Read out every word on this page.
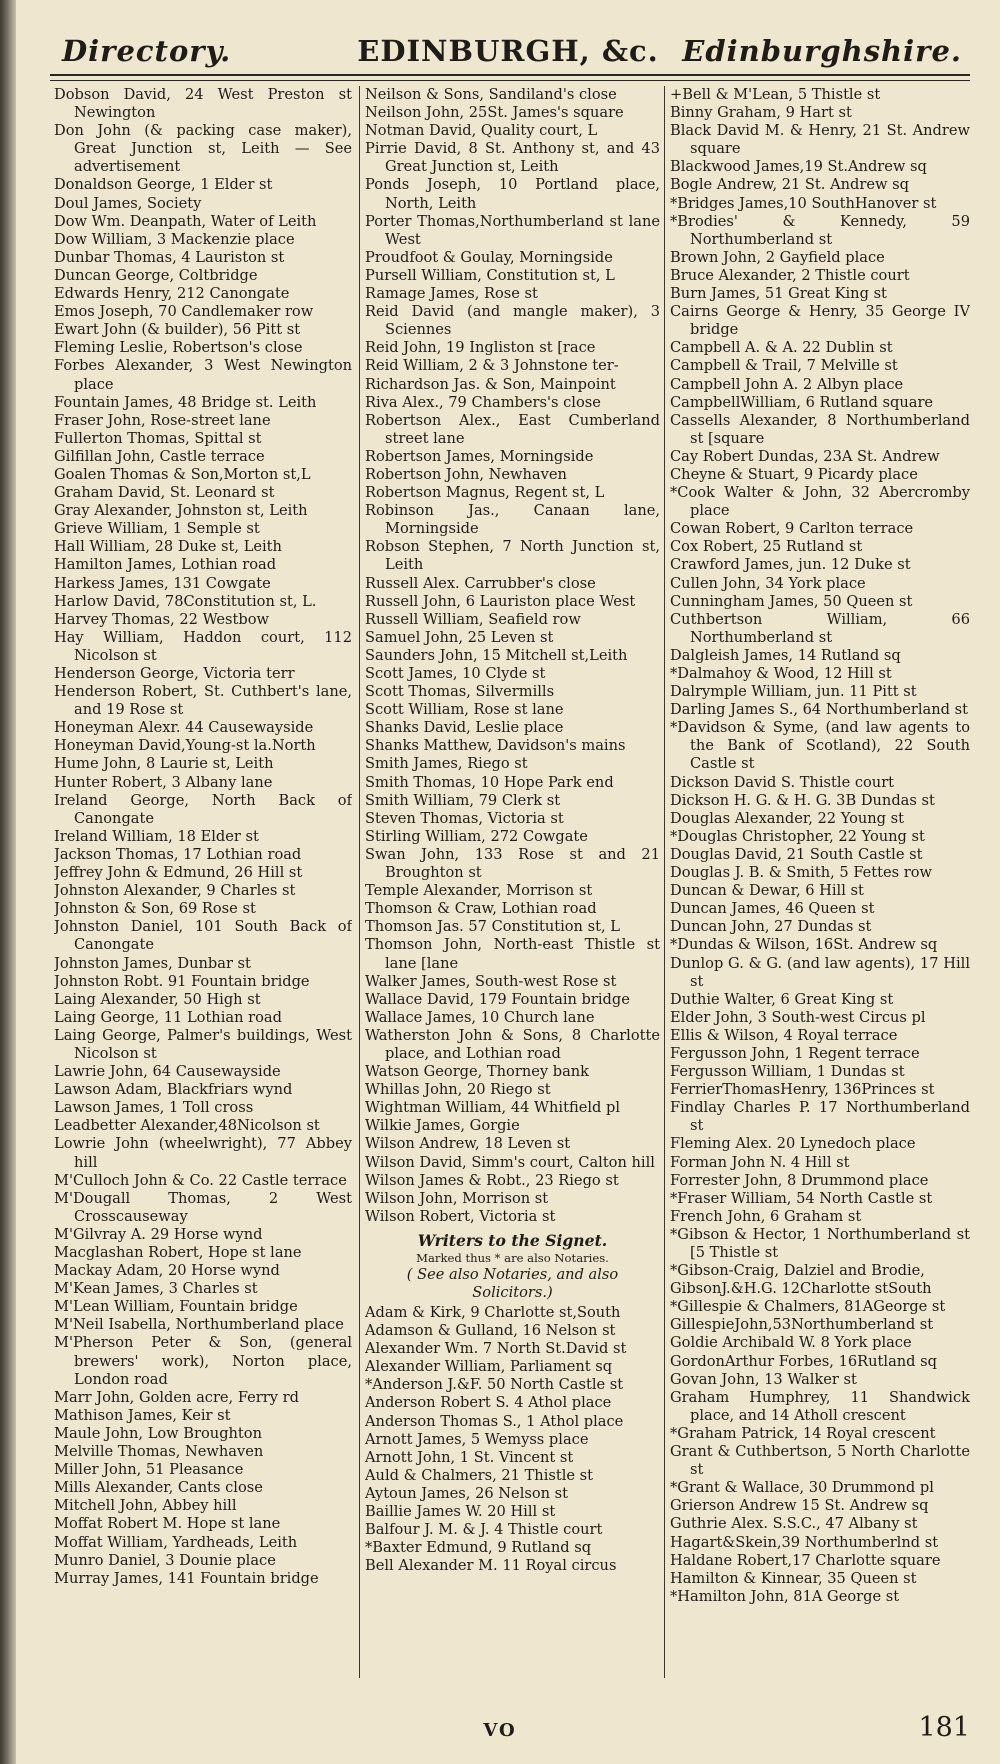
Directory.	EDINBURGH, &c. Edinburghshire.
Dobson David, 24 West Preston st Newington
Don John (& packing case maker), Great Junction st, Leith — See advertisement
Donaldson George, 1 Elder st
Doul James, Society
Dow Wm. Deanpath, Water of Leith
Dow William, 3 Mackenzie place
Dunbar Thomas, 4 Lauriston st
Duncan George, Coltbridge
Edwards Henry, 212 Canongate
Emos Joseph, 70 Candlemaker row
Ewart John (& builder), 56 Pitt st
Fleming Leslie, Robertson's close
Forbes Alexander, 3 West Newington place
Fountain James, 48 Bridge st. Leith
Fraser John, Rose-street lane
Fullerton Thomas, Spittal st
Gilfillan John, Castle terrace
Goalen Thomas & Son,Morton st,L
Graham David, St. Leonard st
Gray Alexander, Johnston st, Leith
Grieve William, 1 Semple st
Hall William, 28 Duke st, Leith
Hamilton James, Lothian road
Harkess James, 131 Cowgate
Harlow David, 78Constitution st, L.
Harvey Thomas, 22 Westbow
Hay William, Haddon court, 112 Nicolson st
Henderson George, Victoria terr
Henderson Robert, St. Cuthbert's lane, and 19 Rose st
Honeyman Alexr. 44 Causewayside
Honeyman David,Young-st la.North
Hume John, 8 Laurie st, Leith
Hunter Robert, 3 Albany lane
Ireland George, North Back of Canongate
Ireland William, 18 Elder st
Jackson Thomas, 17 Lothian road
Jeffrey John & Edmund, 26 Hill st
Johnston Alexander, 9 Charles st
Johnston & Son, 69 Rose st
Johnston Daniel, 101 South Back of Canongate
Johnston James, Dunbar st
Johnston Robt. 91 Fountain bridge
Laing Alexander, 50 High st
Laing George, 11 Lothian road
Laing George, Palmer's buildings, West Nicolson st
Lawrie John, 64 Causewayside
Lawson Adam, Blackfriars wynd
Lawson James, 1 Toll cross
Leadbetter Alexander,48Nicolson st
Lowrie John (wheelwright), 77 Abbey hill
M'Culloch John & Co. 22 Castle terrace
M'Dougall Thomas, 2 West Crosscauseway
M'Gilvray A. 29 Horse wynd
Macglashan Robert, Hope st lane
Mackay Adam, 20 Horse wynd
M'Kean James, 3 Charles st
M'Lean William, Fountain bridge
M'Neil Isabella, Northumberland place
M'Pherson Peter & Son, (general brewers' work), Norton place, London road
Marr John, Golden acre, Ferry rd
Mathison James, Keir st
Maule John, Low Broughton
Melville Thomas, Newhaven
Miller John, 51 Pleasance
Mills Alexander, Cants close
Mitchell John, Abbey hill
Moffat Robert M. Hope st lane
Moffat William, Yardheads, Leith
Munro Daniel, 3 Dounie place
Murray James, 141 Fountain bridge
Neilson & Sons, Sandiland's close
Neilson John, 25St. James's square
Notman David, Quality court, L
Pirrie David, 8 St. Anthony st, and 43 Great Junction st, Leith
Ponds Joseph, 10 Portland place, North, Leith
Porter Thomas,Northumberland st lane West
Proudfoot & Goulay, Morningside
Pursell William, Constitution st, L
Ramage James, Rose st
Reid David (and mangle maker), 3 Sciennes
Reid John, 19 Ingliston st [race
Reid William, 2 & 3 Johnstone ter-
Richardson Jas. & Son, Mainpoint
Riva Alex., 79 Chambers's close
Robertson Alex., East Cumberland street lane
Robertson James, Morningside
Robertson John, Newhaven
Robertson Magnus, Regent st, L
Robinson Jas., Canaan lane, Morningside
Robson Stephen, 7 North Junction st, Leith
Russell Alex. Carrubber's close
Russell John, 6 Lauriston place West
Russell William, Seafield row
Samuel John, 25 Leven st
Saunders John, 15 Mitchell st,Leith
Scott James, 10 Clyde st
Scott Thomas, Silvermills
Scott William, Rose st lane
Shanks David, Leslie place
Shanks Matthew, Davidson's mains
Smith James, Riego st
Smith Thomas, 10 Hope Park end
Smith William, 79 Clerk st
Steven Thomas, Victoria st
Stirling William, 272 Cowgate
Swan John, 133 Rose st and 21 Broughton st
Temple Alexander, Morrison st
Thomson & Craw, Lothian road
Thomson Jas. 57 Constitution st, L
Thomson John, North-east Thistle st lane [lane
Walker James, South-west Rose st
Wallace David, 179 Fountain bridge
Wallace James, 10 Church lane
Watherston John & Sons, 8 Charlotte place, and Lothian road
Watson George, Thorney bank
Whillas John, 20 Riego st
Wightman William, 44 Whitfield pl
Wilkie James, Gorgie
Wilson Andrew, 18 Leven st
Wilson David, Simm's court, Calton hill
Wilson James & Robt., 23 Riego st
Wilson John, Morrison st
Wilson Robert, Victoria st
Writers to the Signet.
Marked thus * are also Notaries.
( See also Notaries, and also Solicitors.)
Adam & Kirk, 9 Charlotte st,South
Adamson & Gulland, 16 Nelson st
Alexander Wm. 7 North St.David st
Alexander William, Parliament sq
*Anderson J.&F. 50 North Castle st
Anderson Robert S. 4 Athol place
Anderson Thomas S., 1 Athol place
Arnott James, 5 Wemyss place
Arnott John, 1 St. Vincent st
Auld & Chalmers, 21 Thistle st
Aytoun James, 26 Nelson st
Baillie James W. 20 Hill st
Balfour J. M. & J. 4 Thistle court
*Baxter Edmund, 9 Rutland sq
Bell Alexander M. 11 Royal circus
+Bell & M'Lean, 5 Thistle st
Binny Graham, 9 Hart st
Black David M. & Henry, 21 St. Andrew square
Blackwood James,19 St.Andrew sq
Bogle Andrew, 21 St. Andrew sq
*Bridges James,10 SouthHanover st
*Brodies' & Kennedy, 59 Northumberland st
Brown John, 2 Gayfield place
Bruce Alexander, 2 Thistle court
Burn James, 51 Great King st
Cairns George & Henry, 35 George IV bridge
Campbell A. & A. 22 Dublin st
Campbell & Trail, 7 Melville st
Campbell John A. 2 Albyn place
CampbellWilliam, 6 Rutland square
Cassells Alexander, 8 Northumberland st [square
Cay Robert Dundas, 23A St. Andrew
Cheyne & Stuart, 9 Picardy place
*Cook Walter & John, 32 Abercromby place
Cowan Robert, 9 Carlton terrace
Cox Robert, 25 Rutland st
Crawford James, jun. 12 Duke st
Cullen John, 34 York place
Cunningham James, 50 Queen st
Cuthbertson William, 66 Northumberland st
Dalgleish James, 14 Rutland sq
*Dalmahoy & Wood, 12 Hill st
Dalrymple William, jun. 11 Pitt st
Darling James S., 64 Northumberland st
*Davidson & Syme, (and law agents to the Bank of Scotland), 22 South Castle st
Dickson David S. Thistle court
Dickson H. G. & H. G. 3B Dundas st
Douglas Alexander, 22 Young st
*Douglas Christopher, 22 Young st
Douglas David, 21 South Castle st
Douglas J. B. & Smith, 5 Fettes row
Duncan & Dewar, 6 Hill st
Duncan James, 46 Queen st
Duncan John, 27 Dundas st
*Dundas & Wilson, 16St. Andrew sq
Dunlop G. & G. (and law agents), 17 Hill st
Duthie Walter, 6 Great King st
Elder John, 3 South-west Circus pl
Ellis & Wilson, 4 Royal terrace
Fergusson John, 1 Regent terrace
Fergusson William, 1 Dundas st
FerrierThomasHenry, 136Princes st
Findlay Charles P. 17 Northumberland st
Fleming Alex. 20 Lynedoch place
Forman John N. 4 Hill st
Forrester John, 8 Drummond place
*Fraser William, 54 North Castle st
French John, 6 Graham st
*Gibson & Hector, 1 Northumberland st [5 Thistle st
*Gibson-Craig, Dalziel and Brodie,
GibsonJ.&H.G. 12Charlotte stSouth
*Gillespie & Chalmers, 81AGeorge st
GillespieJohn,53Northumberland st
Goldie Archibald W. 8 York place
GordonArthur Forbes, 16Rutland sq
Govan John, 13 Walker st
Graham Humphrey, 11 Shandwick place, and 14 Atholl crescent
*Graham Patrick, 14 Royal crescent
Grant & Cuthbertson, 5 North Charlotte st
*Grant & Wallace, 30 Drummond pl
Grierson Andrew 15 St. Andrew sq
Guthrie Alex. S.S.C., 47 Albany st
Hagart&Skein,39 Northumberlnd st
Haldane Robert,17 Charlotte square
Hamilton & Kinnear, 35 Queen st
*Hamilton John, 81A George st
VO	181
